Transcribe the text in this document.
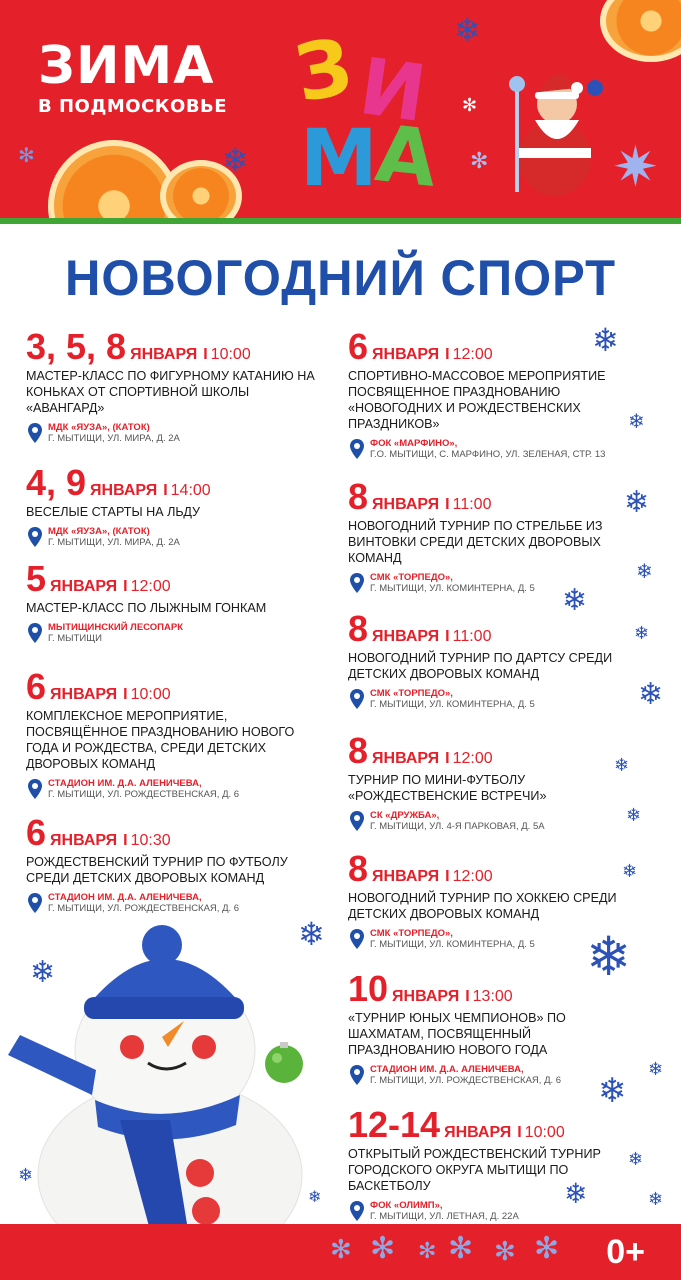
ЗИМА
В ПОДМОСКОВЬЕ З
И
М
А	✷
❄
❄
✻	✻
✻
НОВОГОДНИЙ СПОРТ
3, 5, 8 ЯНВАРЯ I 10:00
МАСТЕР-КЛАСС ПО ФИГУРНОМУ КАТАНИЮ НА КОНЬКАХ ОТ СПОРТИВНОЙ ШКОЛЫ «АВАНГАРД»
МДК «ЯУЗА», (КАТОК)
Г. МЫТИЩИ, УЛ. МИРА, Д. 2А
4, 9 ЯНВАРЯ I 14:00
ВЕСЕЛЫЕ СТАРТЫ НА ЛЬДУ
МДК «ЯУЗА», (КАТОК)
Г. МЫТИЩИ, УЛ. МИРА, Д. 2А
5 ЯНВАРЯ I 12:00
МАСТЕР-КЛАСС ПО ЛЫЖНЫМ ГОНКАМ
МЫТИЩИНСКИЙ ЛЕСОПАРК
Г. МЫТИЩИ
6 ЯНВАРЯ I 10:00
КОМПЛЕКСНОЕ МЕРОПРИЯТИЕ, ПОСВЯЩЁННОЕ ПРАЗДНОВАНИЮ НОВОГО ГОДА И РОЖДЕСТВА, СРЕДИ ДЕТСКИХ ДВОРОВЫХ КОМАНД
СТАДИОН ИМ. Д.А. АЛЕНИЧЕВА,
Г. МЫТИЩИ, УЛ. РОЖДЕСТВЕНСКАЯ, Д. 6
6 ЯНВАРЯ I 10:30
РОЖДЕСТВЕНСКИЙ ТУРНИР ПО ФУТБОЛУ СРЕДИ ДЕТСКИХ ДВОРОВЫХ КОМАНД
СТАДИОН ИМ. Д.А. АЛЕНИЧЕВА,
Г. МЫТИЩИ, УЛ. РОЖДЕСТВЕНСКАЯ, Д. 6
6 ЯНВАРЯ I 12:00
СПОРТИВНО-МАССОВОЕ МЕРОПРИЯТИЕ ПОСВЯЩЕННОЕ ПРАЗДНОВАНИЮ «НОВОГОДНИХ И РОЖДЕСТВЕНСКИХ ПРАЗДНИКОВ»
ФОК «МАРФИНО»,
Г.О. МЫТИЩИ, С. МАРФИНО, УЛ. ЗЕЛЕНАЯ, СТР. 13
8 ЯНВАРЯ I 11:00
НОВОГОДНИЙ ТУРНИР ПО СТРЕЛЬБЕ ИЗ ВИНТОВКИ СРЕДИ ДЕТСКИХ ДВОРОВЫХ КОМАНД
СМК «ТОРПЕДО»,
Г. МЫТИЩИ, УЛ. КОМИНТЕРНА, Д. 5
8 ЯНВАРЯ I 11:00
НОВОГОДНИЙ ТУРНИР ПО ДАРТСУ СРЕДИ ДЕТСКИХ ДВОРОВЫХ КОМАНД
СМК «ТОРПЕДО»,
Г. МЫТИЩИ, УЛ. КОМИНТЕРНА, Д. 5
8 ЯНВАРЯ I 12:00
ТУРНИР ПО МИНИ-ФУТБОЛУ «РОЖДЕСТВЕНСКИЕ ВСТРЕЧИ»
СК «ДРУЖБА»,
Г. МЫТИЩИ, УЛ. 4-Я ПАРКОВАЯ, Д. 5А
8 ЯНВАРЯ I 12:00
НОВОГОДНИЙ ТУРНИР ПО ХОККЕЮ СРЕДИ ДЕТСКИХ ДВОРОВЫХ КОМАНД
СМК «ТОРПЕДО»,
Г. МЫТИЩИ, УЛ. КОМИНТЕРНА, Д. 5
10 ЯНВАРЯ I 13:00
«ТУРНИР ЮНЫХ ЧЕМПИОНОВ» ПО ШАХМАТАМ, ПОСВЯЩЕННЫЙ ПРАЗДНОВАНИЮ НОВОГО ГОДА
СТАДИОН ИМ. Д.А. АЛЕНИЧЕВА,
Г. МЫТИЩИ, УЛ. РОЖДЕСТВЕНСКАЯ, Д. 6
12-14 ЯНВАРЯ I 10:00
ОТКРЫТЫЙ РОЖДЕСТВЕНСКИЙ ТУРНИР ГОРОДСКОГО ОКРУГА МЫТИЩИ ПО БАСКЕТБОЛУ
ФОК «ОЛИМП»,
Г. МЫТИЩИ, УЛ. ЛЕТНАЯ, Д. 22А
❄
❄
❄
❄
❄
❄
❄
❄
❄
❄
❄
❄
❄
❄
❄
❄
❄
❄
❄
❄
✻ ✻ ✻ ✻ ✻ ✻ 0+
